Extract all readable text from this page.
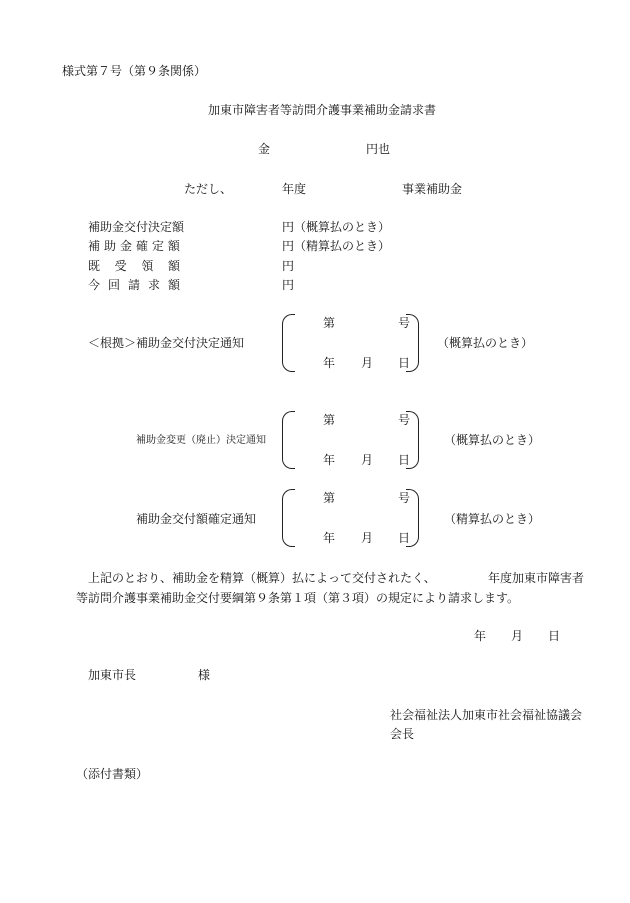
様式第７号（第９条関係）
加東市障害者等訪問介護事業補助金請求書
金	円也
ただし、	年度	事業補助金
補助金交付決定額	円 （概算払のとき）
補 助 金 確 定 額	円 （精算払のとき）
既 受 領 額	円
今 回 請 求 額	円
＜根拠＞補助金交付決定通知
第	号
年 月 日
（概算払のとき）
補助金変更（廃止）決定通知
第	号
年 月 日
（概算払のとき）
補助金交付額確定通知
第	号
年 月 日
（精算払のとき）
上記のとおり、補助金を精算（概算）払によって交付されたく、	年度加東市障害者
等訪問介護事業補助金交付要綱第９条第１項（第３項）の規定により請求します。
年 月 日
加東市長	様
社会福祉法人加東市社会福祉協議会
会長
（添付書類）
